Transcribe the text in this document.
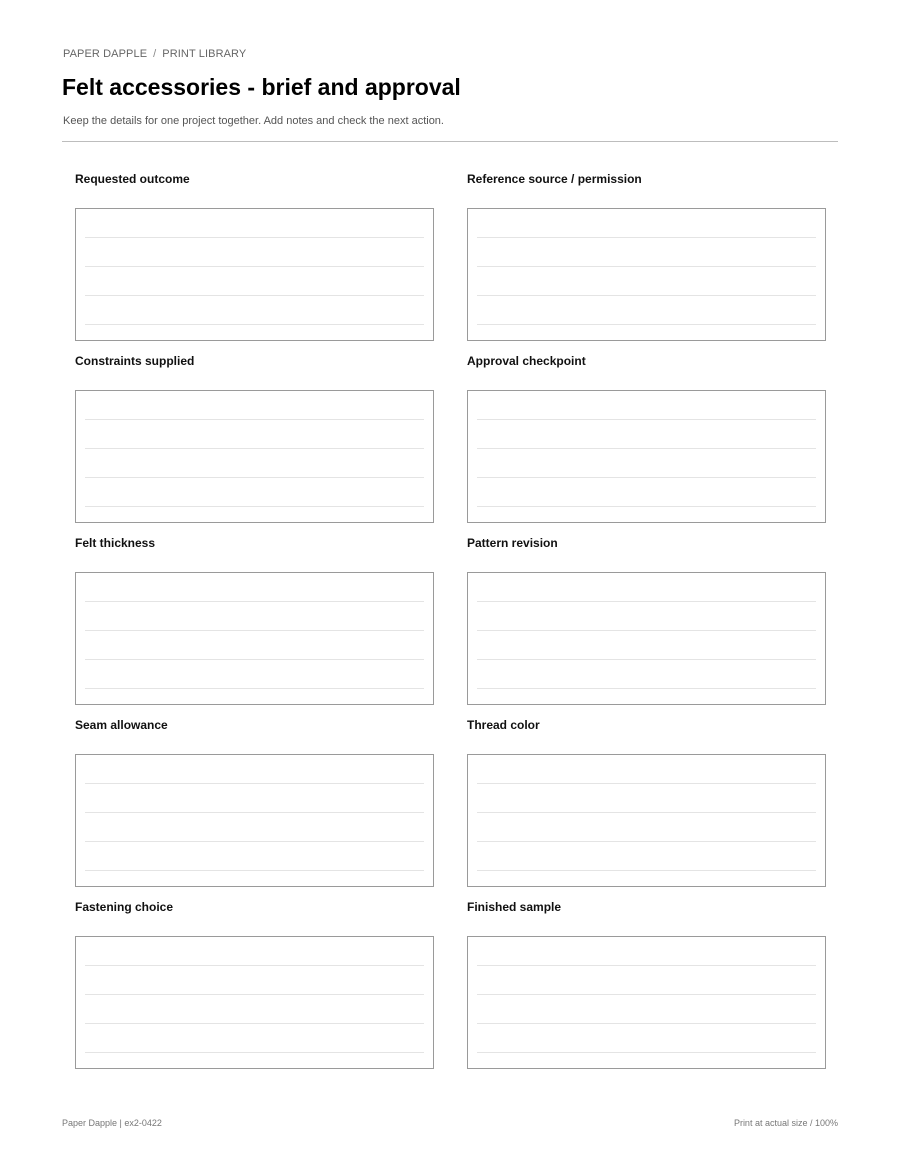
PAPER DAPPLE / PRINT LIBRARY
Felt accessories - brief and approval
Keep the details for one project together. Add notes and check the next action.
Requested outcome	Reference source / permission
Constraints supplied	Approval checkpoint
Felt thickness	Pattern revision
Seam allowance	Thread color
Fastening choice	Finished sample
Paper Dapple | ex2-0422	Print at actual size / 100%
